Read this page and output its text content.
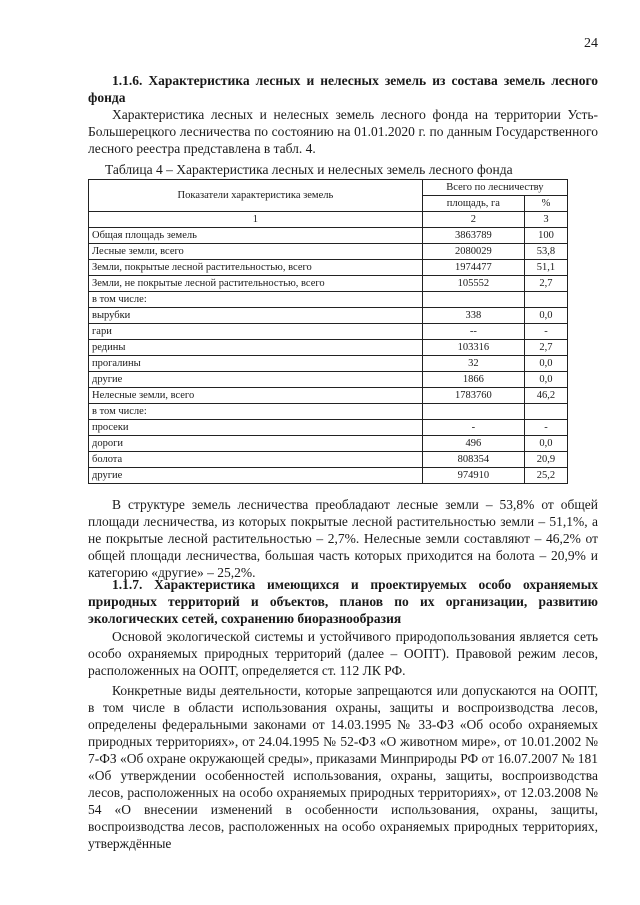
24
1.1.6. Характеристика лесных и нелесных земель из состава земель лесного фонда

Характеристика лесных и нелесных земель лесного фонда на территории Усть-Большерецкого лесничества по состоянию на 01.01.2020 г. по данным Государственного лесного реестра представлена в табл. 4.

Таблица 4 – Характеристика лесных и нелесных земель лесного фонда
Показатели характеристика земель	Всего по лесничеству	
	площадь, га	%
1	2	3
Общая площадь земель	3863789	100
Лесные земли, всего	2080029	53,8
Земли, покрытые лесной растительностью, всего	1974477	51,1
Земли, не покрытые лесной растительностью, всего	105552	2,7
в том числе:		
вырубки	338	0,0
гари	--	-
редины	103316	2,7
прогалины	32	0,0
другие	1866	0,0
Нелесные земли, всего	1783760	46,2
в том числе:		
просеки	-	-
дороги	496	0,0
болота	808354	20,9
другие	974910	25,2

В структуре земель лесничества преобладают лесные земли – 53,8% от общей площади лесничества, из которых покрытые лесной растительностью земли – 51,1%, а не покрытые лесной растительностью – 2,7%. Нелесные земли составляют – 46,2% от общей площади лесничества, большая часть которых приходится на болота – 20,9% и категорию «другие» – 25,2%.

1.1.7. Характеристика имеющихся и проектируемых особо охраняемых природных территорий и объектов, планов по их организации, развитию экологических сетей, сохранению биоразнообразия

Основой экологической системы и устойчивого природопользования является сеть особо охраняемых природных территорий (далее – ООПТ). Правовой режим лесов, расположенных на ООПТ, определяется ст. 112 ЛК РФ.

Конкретные виды деятельности, которые запрещаются или допускаются на ООПТ, в том числе в области использования охраны, защиты и воспроизводства лесов, определены федеральными законами от 14.03.1995 № 33-ФЗ «Об особо охраняемых природных территориях», от 24.04.1995 № 52-ФЗ «О животном мире», от 10.01.2002 № 7-ФЗ «Об охране окружающей среды», приказами Минприроды РФ от 16.07.2007 № 181 «Об утверждении особенностей использования, охраны, защиты, воспроизводства лесов, расположенных на особо охраняемых природных территориях», от 12.03.2008 № 54 «О внесении изменений в особенности использования, охраны, защиты, воспроизводства лесов, расположенных на особо охраняемых природных территориях, утверждённые
